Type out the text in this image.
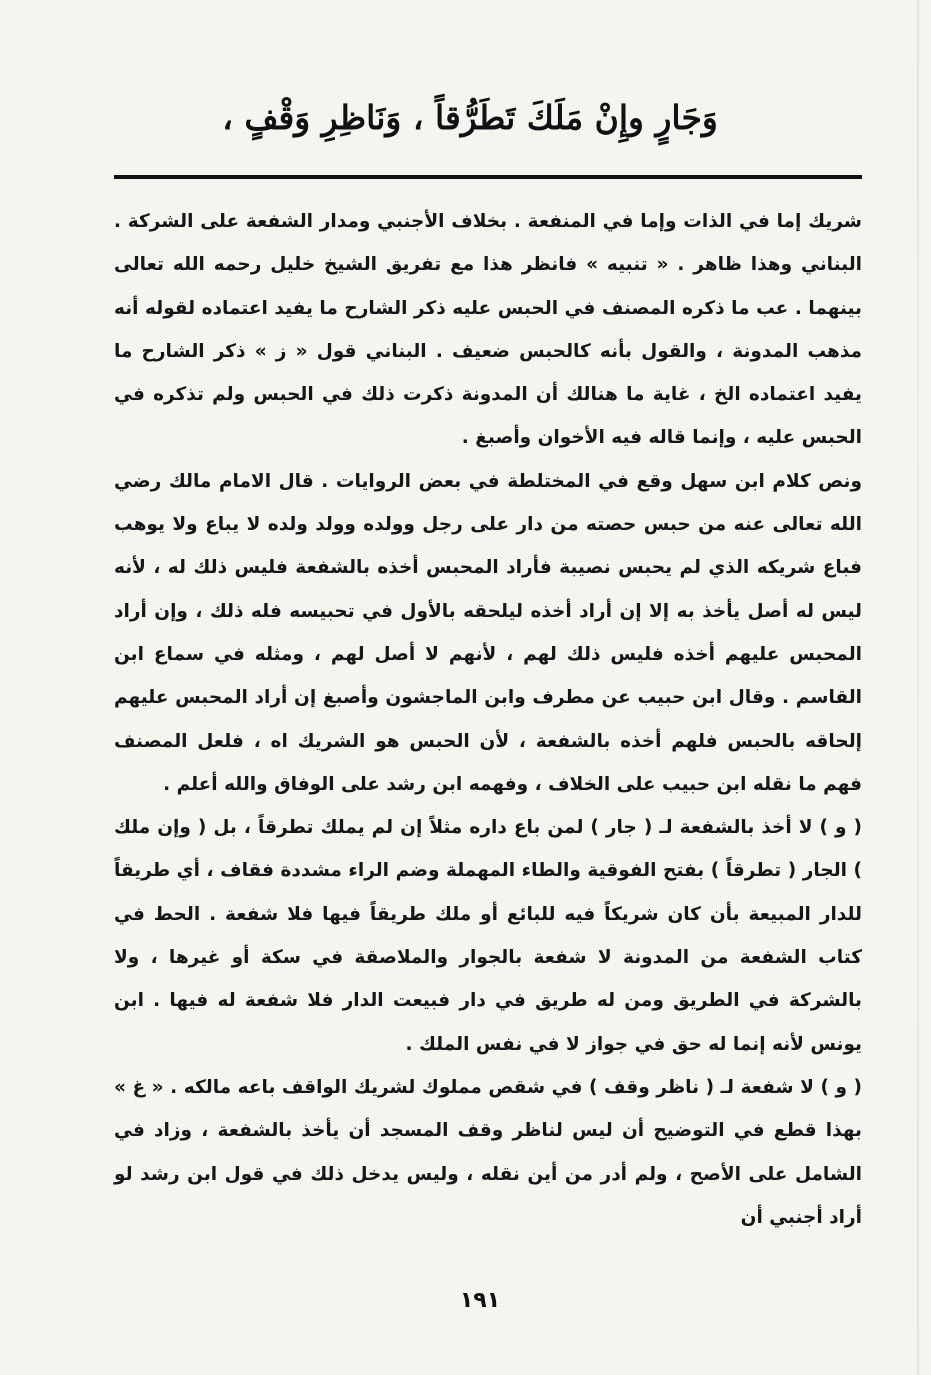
وَجَارٍ وإِنْ مَلَكَ تَطَرُّقاً ، وَنَاظِرِ وَقْفٍ ،

شريك إما في الذات وإما في المنفعة . بخلاف الأجنبي ومدار الشفعة على الشركة . البناني وهذا ظاهر . « تنبيه » فانظر هذا مع تفريق الشيخ خليل رحمه الله تعالى بينهما . عب ما ذكره المصنف في الحبس عليه ذكر الشارح ما يفيد اعتماده لقوله أنه مذهب المدونة ، والقول بأنه كالحبس ضعيف . البناني قول « ز » ذكر الشارح ما يفيد اعتماده الخ ، غاية ما هنالك أن المدونة ذكرت ذلك في الحبس ولم تذكره في الحبس عليه ، وإنما قاله فيه الأخوان وأصبغ .

ونص كلام ابن سهل وقع في المختلطة في بعض الروايات . قال الامام مالك رضي الله تعالى عنه من حبس حصته من دار على رجل وولده وولد ولده لا يباع ولا يوهب فباع شريكه الذي لم يحبس نصيبة فأراد المحبس أخذه بالشفعة فليس ذلك له ، لأنه ليس له أصل يأخذ به إلا إن أراد أخذه ليلحقه بالأول في تحبيسه فله ذلك ، وإن أراد المحبس عليهم أخذه فليس ذلك لهم ، لأنهم لا أصل لهم ، ومثله في سماع ابن القاسم . وقال ابن حبيب عن مطرف وابن الماجشون وأصبغ إن أراد المحبس عليهم إلحاقه بالحبس فلهم أخذه بالشفعة ، لأن الحبس هو الشريك اه ، فلعل المصنف فهم ما نقله ابن حبيب على الخلاف ، وفهمه ابن رشد على الوفاق والله أعلم .

( و ) لا أخذ بالشفعة لـ ( جار ) لمن باع داره مثلاً إن لم يملك تطرقاً ، بل ( وإن ملك ) الجار ( تطرقاً ) بفتح الفوقية والطاء المهملة وضم الراء مشددة فقاف ، أي طريقاً للدار المبيعة بأن كان شريكاً فيه للبائع أو ملك طريقاً فيها فلا شفعة . الحط في كتاب الشفعة من المدونة لا شفعة بالجوار والملاصقة في سكة أو غيرها ، ولا بالشركة في الطريق ومن له طريق في دار فبيعت الدار فلا شفعة له فيها . ابن يونس لأنه إنما له حق في جواز لا في نفس الملك .

( و ) لا شفعة لـ ( ناظر وقف ) في شقص مملوك لشريك الواقف باعه مالكه . « غ » بهذا قطع في التوضيح أن ليس لناظر وقف المسجد أن يأخذ بالشفعة ، وزاد في الشامل على الأصح ، ولم أدر من أين نقله ، وليس يدخل ذلك في قول ابن رشد لو أراد أجنبي أن

١٩١
